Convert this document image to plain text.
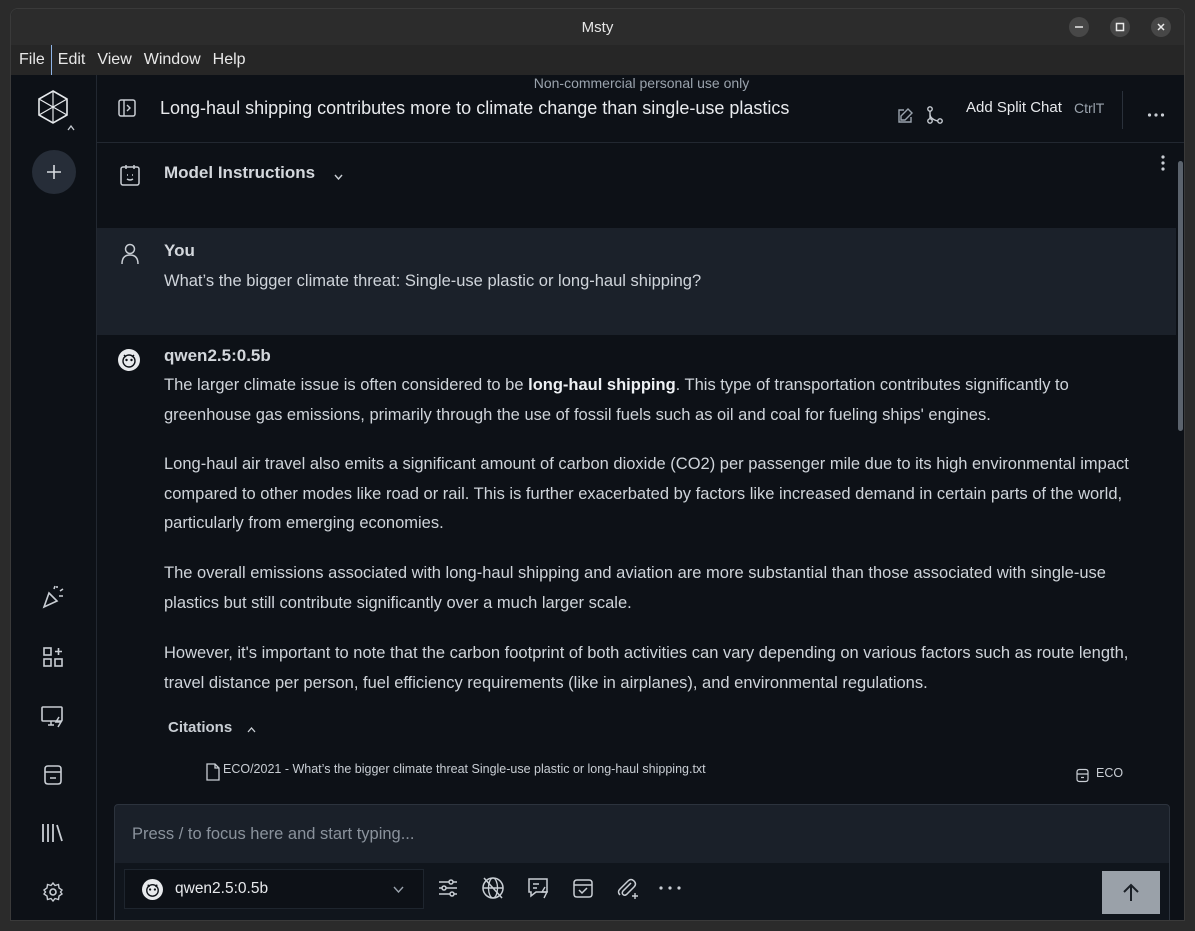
Msty
File Edit View Window Help
Non-commercial personal use only
Long-haul shipping contributes more to climate change than single-use plastics	Add Split Chat CtrlT
Model Instructions
You

What’s the bigger climate threat: Single-use plastic or long-haul shipping?

qwen2.5:0.5b

The larger climate issue is often considered to be long-haul shipping. This type of transportation contributes significantly to greenhouse gas emissions, primarily through the use of fossil fuels such as oil and coal for fueling ships' engines.

Long-haul air travel also emits a significant amount of carbon dioxide (CO2) per passenger mile due to its high environmental impact compared to other modes like road or rail. This is further exacerbated by factors like increased demand in certain parts of the world, particularly from emerging economies.

The overall emissions associated with long-haul shipping and aviation are more substantial than those associated with single-use plastics but still contribute significantly over a much larger scale.

However, it's important to note that the carbon footprint of both activities can vary depending on various factors such as route length, travel distance per person, fuel efficiency requirements (like in airplanes), and environmental regulations.

Citations
ECO/2021 - What’s the bigger climate threat Single-use plastic or long-haul shipping.txt	ECO
Press / to focus here and start typing...
qwen2.5:0.5b
